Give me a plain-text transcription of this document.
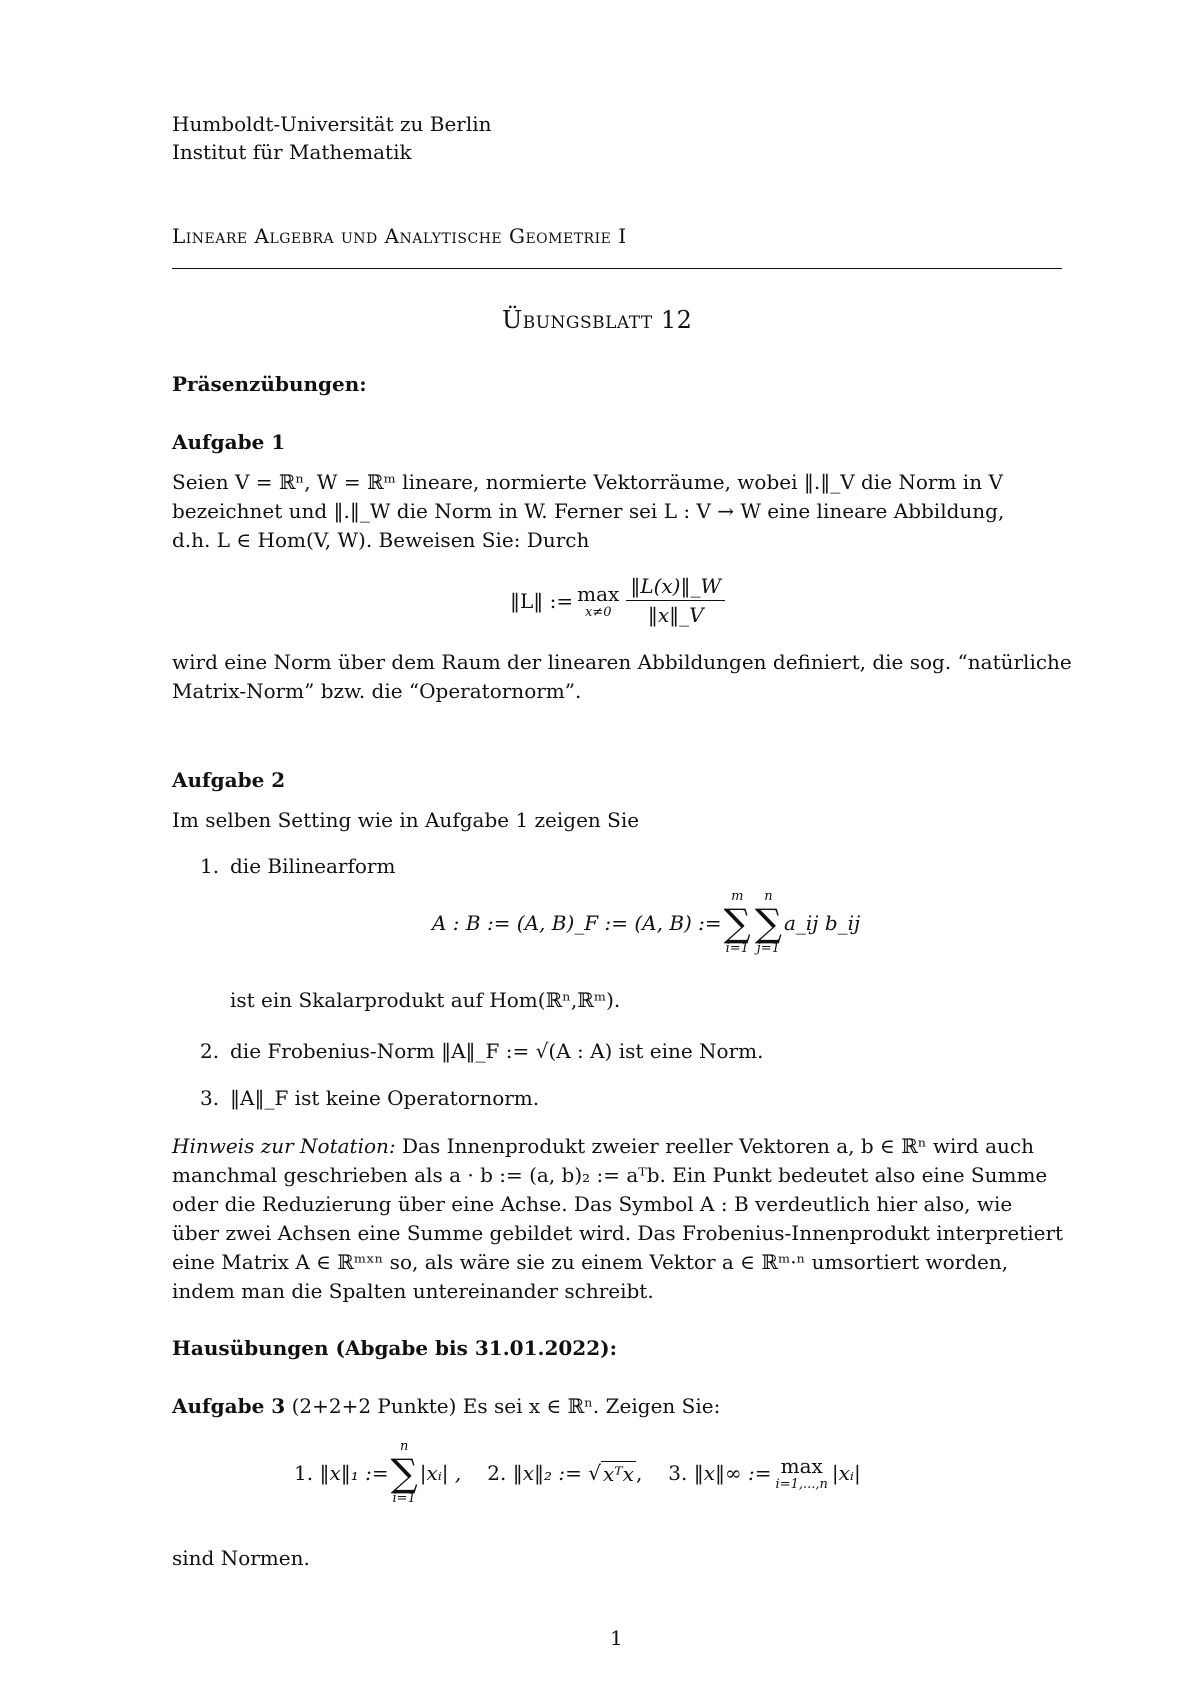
Humboldt-Universität zu Berlin
Institut für Mathematik
Lineare Algebra und Analytische Geometrie I
Übungsblatt 12
Präsenzübungen:
Aufgabe 1
Seien V = ℝⁿ, W = ℝᵐ lineare, normierte Vektorräume, wobei ‖.‖_V die Norm in V
bezeichnet und ‖.‖_W die Norm in W. Ferner sei L : V → W eine lineare Abbildung,
d.h. L ∈ Hom(V, W). Beweisen Sie: Durch
‖L‖ := max
$x\ne 0 \frac{‖L(x)‖\_W}{‖x‖\_V}$
wird eine Norm über dem Raum der linearen Abbildungen definiert, die sog. “natürliche
Matrix-Norm” bzw. die “Operatornorm”.
Aufgabe 2
Im selben Setting wie in Aufgabe 1 zeigen Sie
1. die Bilinearform
A : B := (A, B)_F := (A, B) :=
m
∑
i=1
n
∑
j=1
a_ij b_ij
ist ein Skalarprodukt auf Hom(ℝⁿ,ℝᵐ).
2. die Frobenius-Norm ‖A‖_F := √(A : A) ist eine Norm.
3. ‖A‖_F ist keine Operatornorm.
Hinweis zur Notation: Das Innenprodukt zweier reeller Vektoren a, b ∈ ℝⁿ wird auch
manchmal geschrieben als a · b := (a, b)₂ := aᵀb. Ein Punkt bedeutet also eine Summe
oder die Reduzierung über eine Achse. Das Symbol A : B verdeutlich hier also, wie
über zwei Achsen eine Summe gebildet wird. Das Frobenius-Innenprodukt interpretiert
eine Matrix A ∈ ℝᵐˣⁿ so, als wäre sie zu einem Vektor a ∈ ℝᵐ·ⁿ umsortiert worden,
indem man die Spalten untereinander schreibt.
Hausübungen (Abgabe bis 31.01.2022):
Aufgabe 3 (2+2+2 Punkte) Es sei x ∈ ℝⁿ. Zeigen Sie:
1.
‖x‖₁ :=
n
∑
i=1
|xᵢ| , 2.
‖x‖₂ := √ xᵀx , 3.
‖x‖∞ := max
i=1,...,n |xᵢ|
sind Normen.
1
